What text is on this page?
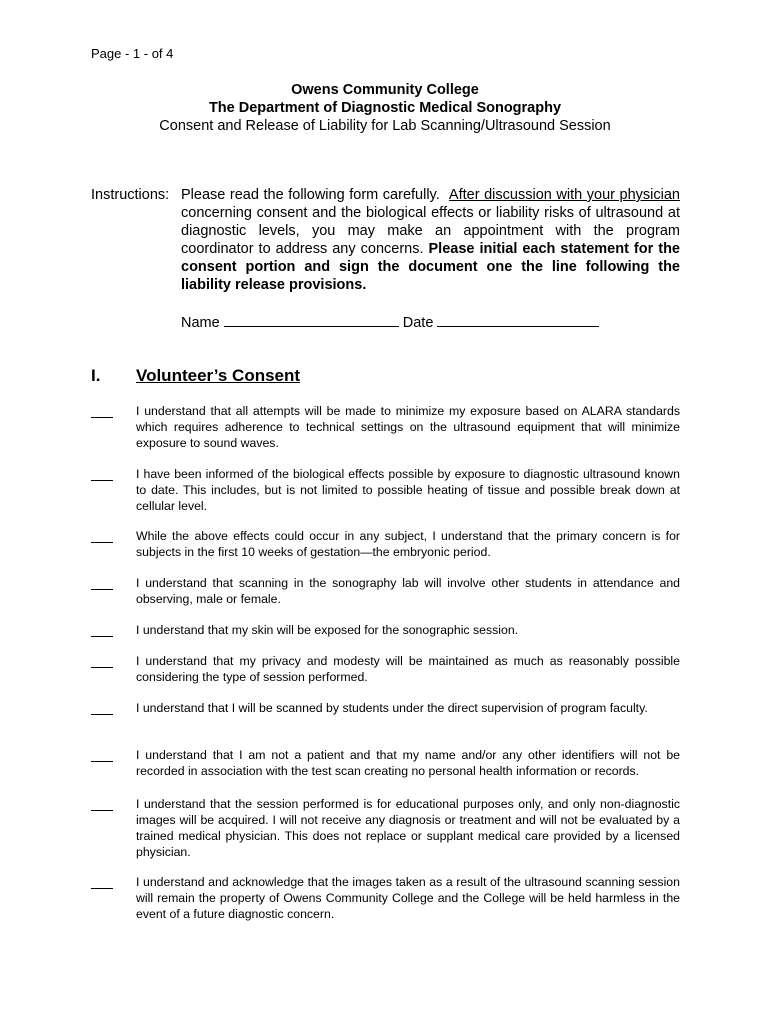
Page - 1 - of 4
Owens Community College
The Department of Diagnostic Medical Sonography
Consent and Release of Liability for Lab Scanning/Ultrasound Session
Instructions: Please read the following form carefully. After discussion with your physician concerning consent and the biological effects or liability risks of ultrasound at diagnostic levels, you may make an appointment with the program coordinator to address any concerns. Please initial each statement for the consent portion and sign the document one the line following the liability release provisions.
Name	Date
I. Volunteer’s Consent
I understand that all attempts will be made to minimize my exposure based on ALARA standards which requires adherence to technical settings on the ultrasound equipment that will minimize exposure to sound waves.
I have been informed of the biological effects possible by exposure to diagnostic ultrasound known to date. This includes, but is not limited to possible heating of tissue and possible break down at cellular level.
While the above effects could occur in any subject, I understand that the primary concern is for subjects in the first 10 weeks of gestation—the embryonic period.
I understand that scanning in the sonography lab will involve other students in attendance and observing, male or female.
I understand that my skin will be exposed for the sonographic session.
I understand that my privacy and modesty will be maintained as much as reasonably possible considering the type of session performed.
I understand that I will be scanned by students under the direct supervision of program faculty.
I understand that I am not a patient and that my name and/or any other identifiers will not be recorded in association with the test scan creating no personal health information or records.
I understand that the session performed is for educational purposes only, and only non-diagnostic images will be acquired. I will not receive any diagnosis or treatment and will not be evaluated by a trained medical physician. This does not replace or supplant medical care provided by a licensed physician.
I understand and acknowledge that the images taken as a result of the ultrasound scanning session will remain the property of Owens Community College and the College will be held harmless in the event of a future diagnostic concern.
